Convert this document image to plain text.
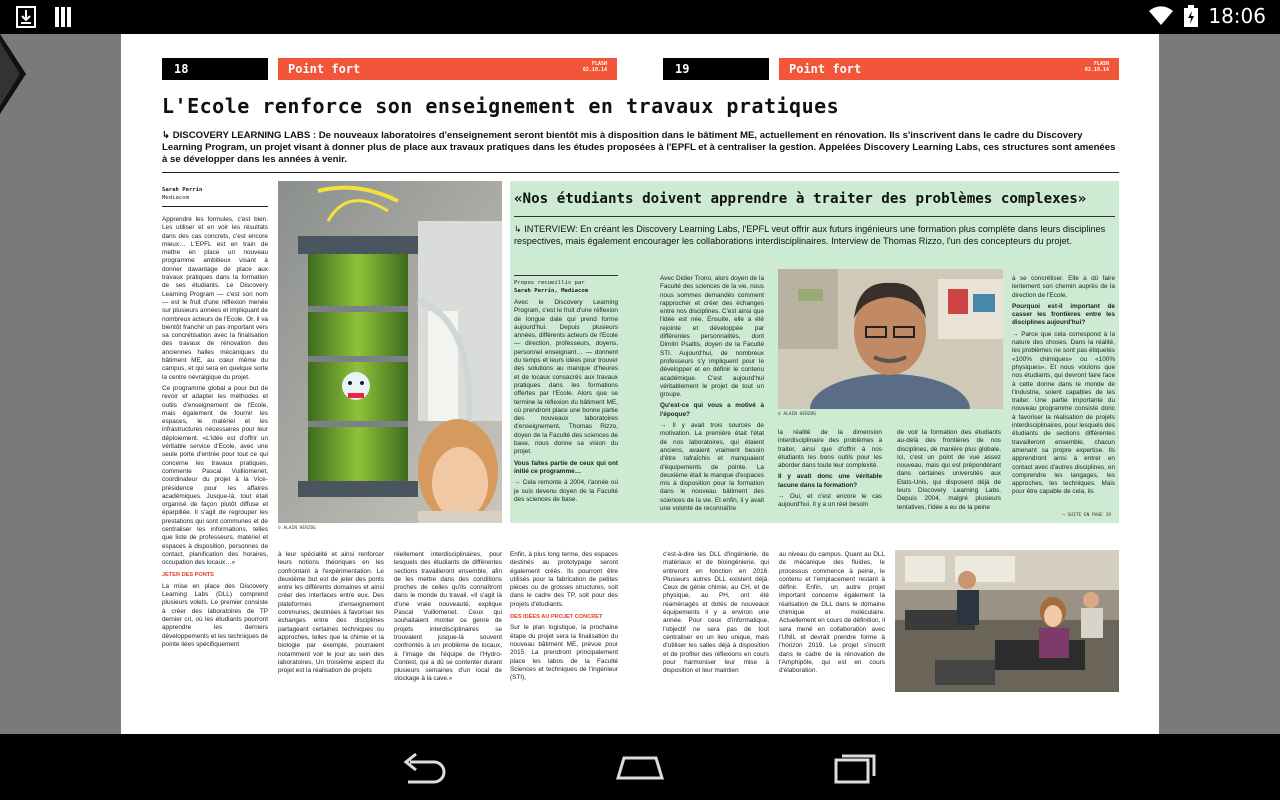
18:06
18	Point fort	FLASH
02.10.14	19	Point fort	FLASH
02.10.14
L'Ecole renforce son enseignement en travaux pratiques
↳ DISCOVERY LEARNING LABS : De nouveaux laboratoires d'enseignement seront bientôt mis à disposition dans le bâtiment ME, actuellement en rénovation. Ils s'inscrivent dans le cadre du Discovery Learning Program, un projet visant à donner plus de place aux travaux pratiques dans les études proposées à l'EPFL et à centraliser la gestion. Appelées Discovery Learning Labs, ces structures sont amenées à se développer dans les années à venir.
Sarah Perrin
Mediacom

Apprendre les formules, c'est bien. Les utiliser et en voir les résultats dans des cas concrets, c'est encore mieux… L'EPFL est en train de mettre en place un nouveau programme ambitieux visant à donner davantage de place aux travaux pratiques dans la formation de ses étudiants. Le Discovery Learning Program — c'est son nom — est le fruit d'une réflexion menée sur plusieurs années et impliquant de nombreux acteurs de l'Ecole. Or, il va bientôt franchir un pas important vers sa concrétisation avec la finalisation des travaux de rénovation des anciennes halles mécaniques du bâtiment ME, au cœur même du campus, et qui sera en quelque sorte la centre névralgique du projet.

Ce programme global a pour but de revoir et adapter les méthodes et outils d'enseignement de l'Ecole, mais également de fournir les espaces, le matériel et les infrastructures nécessaires pour leur déploiement. «L'idée est d'offrir un véritable service d'Ecole, avec une seule porte d'entrée pour tout ce qui concerne les travaux pratiques, commente Pascal Vuilliomenet, coordinateur du projet à la Vice-présidence pour les affaires académiques. Jusque-là, tout était organisé de façon plutôt diffuse et éparpillée. Il s'agit de regrouper les prestations qui sont communes et de centraliser les informations, telles que liste de professeurs, matériel et espaces à disposition, personnes de contact, planification des horaires, occupation des locaux…»

JETER DES PONTS

La mise en place des Discovery Learning Labs (DLL) comprend plusieurs volets. Le premier consiste à créer des laboratoires de TP dernier cri, où les étudiants pourront apprendre les derniers développements et les techniques de pointe liées spécifiquement

© ALAIN HERZOG
«Nos étudiants doivent apprendre à traiter des problèmes complexes»
↳ INTERVIEW: En créant les Discovery Learning Labs, l'EPFL veut offrir aux futurs ingénieurs une formation plus complète dans leurs disciplines respectives, mais également encourager les collaborations interdisciplinaires. Interview de Thomas Rizzo, l'un des concepteurs du projet.
Propos recueillis par
Sarah Perrin, Mediacom

Avec le Discovery Learning Program, c'est le fruit d'une réflexion de longue date qui prend forme aujourd'hui. Depuis plusieurs années, différents acteurs de l'Ecole — direction, professeurs, doyens, personnel enseignant… — donnent du temps et leurs idées pour trouver des solutions au manque d'heures et de locaux consacrés aux travaux pratiques dans les formations offertes par l'Ecole. Alors que se termine la réflexion du bâtiment ME, où prendront place une bonne partie des nouveaux laboratoires d'enseignement, Thomas Rizzo, doyen de la Faculté des sciences de base, nous donne sa vision du projet.

Vous faites partie de ceux qui ont initié ce programme…

→ Cela remonte à 2004, l'année où je suis devenu doyen de la Faculté des sciences de base.

Avec Didier Trono, alors doyen de la Faculté des sciences de la vie, nous nous sommes demandés comment rapprocher et créer des échanges entre nos disciplines. C'est ainsi que l'idée est née. Ensuite, elle a été rejointe et développée par différentes personnalités, dont Dimitri Psaltis, doyen de la Faculté STI. Aujourd'hui, de nombreux professeurs s'y impliquent pour le développer et en définir le contenu académique. C'est aujourd'hui véritablement le projet de tout un groupe.

Qu'est-ce qui vous a motivé à l'époque?

→ Il y avait trois sources de motivation. La première était l'état de nos laboratoires, qui étaient anciens, avaient vraiment besoin d'être rafraîchis et manquaient d'équipements de pointe. La deuxième était le manque d'espaces mis à disposition pour la formation dans le nouveau bâtiment des sciences de la vie. Et enfin, il y avait une volonté de reconnaître

© ALAIN HERZOG

la réalité de la dimension interdisciplinaire des problèmes à traiter, ainsi que d'offrir à nos étudiants les bons outils pour les aborder dans toute leur complexité.

Il y avait donc une véritable lacune dans la formation?

→ Oui, et c'est encore le cas aujourd'hui. Il y a un réel besoin

de voir la formation des étudiants au-delà des frontières de nos disciplines, de manière plus globale. Ici, c'est un point de vue assez nouveau, mais qui est prépondérant dans certaines universités aux Etats-Unis, qui disposent déjà de leurs Discovery Learning Labs. Depuis 2004, malgré plusieurs tentatives, l'idée a eu de la peine

à se concrétiser. Elle a dû faire lentement son chemin auprès de la direction de l'Ecole.

Pourquoi est-il important de casser les frontières entre les disciplines aujourd'hui?

→ Parce que cela correspond à la nature des choses. Dans la réalité, les problèmes ne sont pas étiquetés «100% chimiques» ou «100% physiques». Et nous voulons que nos étudiants, qui devront faire face à cette donne dans le monde de l'industrie, soient capables de les traiter. Une partie importante du nouveau programme consiste donc à favoriser la réalisation de projets interdisciplinaires, pour lesquels des étudiants de sections différentes travailleront ensemble, chacun amenant sa propre expertise. Ils apprendront ainsi à entrer en contact avec d'autres disciplines, en comprendre les langages, les approches, les techniques. Mais pour être capable de cela, ils

→ SUITE EN PAGE 19

à leur spécialité et ainsi renforcer leurs notions théoriques en les confrontant à l'expérimentation. Le deuxième but est de jeter des ponts entre les différents domaines et ainsi créer des interfaces entre eux. Des plateformes d'enseignement communes, destinées à favoriser les échanges entre des disciplines partageant certaines techniques ou approches, telles que la chimie et la biologie par exemple, pourraient notamment voir le jour au sein des laboratoires. Un troisième aspect du projet est la réalisation de projets

réellement interdisciplinaires, pour lesquels des étudiants de différentes sections travailleront ensemble, afin de les mettre dans des conditions proches de celles qu'ils connaîtront dans le monde du travail. «Il s'agit là d'une vraie nouveauté, explique Pascal Vuillomenet. Ceux qui souhaitaient monter ce genre de projets interdisciplinaires se trouvaient jusque-là souvent confrontés à un problème de locaux, à l'image de l'équipe de l'Hydro-Contest, qui a dû se contenter durant plusieurs semaines d'un local de stockage à la cave.»

Enfin, à plus long terme, des espaces destinés au prototypage seront également créés. Ils pourront être utilisés pour la fabrication de petites pièces ou de grosses structures, soit dans le cadre des TP, soit pour des projets d'étudiants.

DES IDÉES AU PROJET CONCRET

Sur le plan logistique, la prochaine étape du projet sera la finalisation du nouveau bâtiment ME, prévue pour 2015. La prendront principalement place les labos de la Faculté Sciences et techniques de l'ingénieur (STI),

c'est-à-dire les DLL d'ingénierie, de matériaux et de bioingénierie, qui entreront en fonction en 2016. Plusieurs autres DLL existent déjà. Ceux de génie chimie, au CH, et de physique, au PH, ont été réaménagés et dotés de nouveaux équipements il y a environ une année. Pour ceux d'informatique, l'objectif ne sera pas de tout centraliser en un lieu unique, mais d'utiliser les salles déjà à disposition et de profiter des réflexions en cours pour harmoniser leur mise à disposition et leur maintien

au niveau du campus. Quant au DLL de mécanique des fluides, le processus commence à peine, le contenu et l'emplacement restant à définir. Enfin, un autre projet important concerne également la réalisation de DLL dans le domaine chimique et moléculaire. Actuellement en cours de définition, il sera mené en collaboration avec l'UNIL et devrait prendre forme à l'horizon 2019. Le projet s'inscrit dans le cadre de la rénovation de l'Amphipôle, qui est en cours d'élaboration.
